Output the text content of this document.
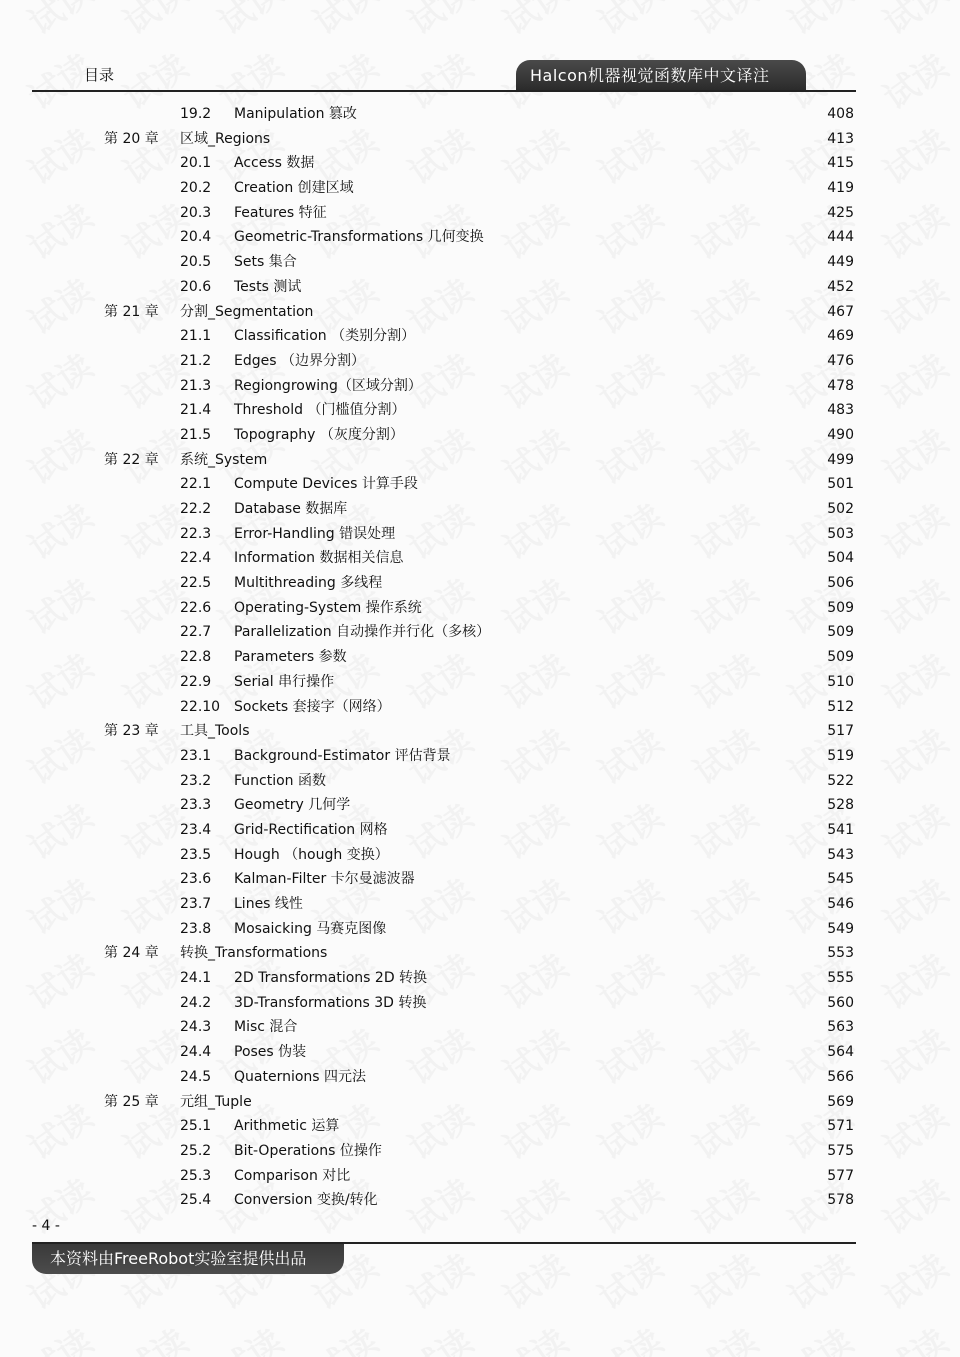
目录	Halcon机器视觉函数库中文译注
19.2 Manipulation 篡改	408
第 20 章 区域_Regions	413
20.1 Access 数据	415
20.2 Creation 创建区域	419
20.3 Features 特征	425
20.4 Geometric-Transformations 几何变换	444
20.5 Sets 集合	449
20.6 Tests 测试	452
第 21 章 分割_Segmentation	467
21.1 Classification （类别分割）	469
21.2 Edges （边界分割）	476
21.3 Regiongrowing（区域分割）	478
21.4 Threshold （门槛值分割）	483
21.5 Topography （灰度分割）	490
第 22 章 系统_System	499
22.1 Compute Devices 计算手段	501
22.2 Database 数据库	502
22.3 Error-Handling 错误处理	503
22.4 Information 数据相关信息	504
22.5 Multithreading 多线程	506
22.6 Operating-System 操作系统	509
22.7 Parallelization 自动操作并行化（多核）	509
22.8 Parameters 参数	509
22.9 Serial 串行操作	510
22.10 Sockets 套接字（网络）	512
第 23 章 工具_Tools	517
23.1 Background-Estimator 评估背景	519
23.2 Function 函数	522
23.3 Geometry 几何学	528
23.4 Grid-Rectification 网格	541
23.5 Hough （hough 变换）	543
23.6 Kalman-Filter 卡尔曼滤波器	545
23.7 Lines 线性	546
23.8 Mosaicking 马赛克图像	549
第 24 章 转换_Transformations	553
24.1 2D Transformations 2D 转换	555
24.2 3D-Transformations 3D 转换	560
24.3 Misc 混合	563
24.4 Poses 伪装	564
24.5 Quaternions 四元法	566
第 25 章 元组_Tuple	569
25.1 Arithmetic 运算	571
25.2 Bit-Operations 位操作	575
25.3 Comparison 对比	577
25.4 Conversion 变换/转化	578
- 4 -
本资料由FreeRobot实验室提供出品
